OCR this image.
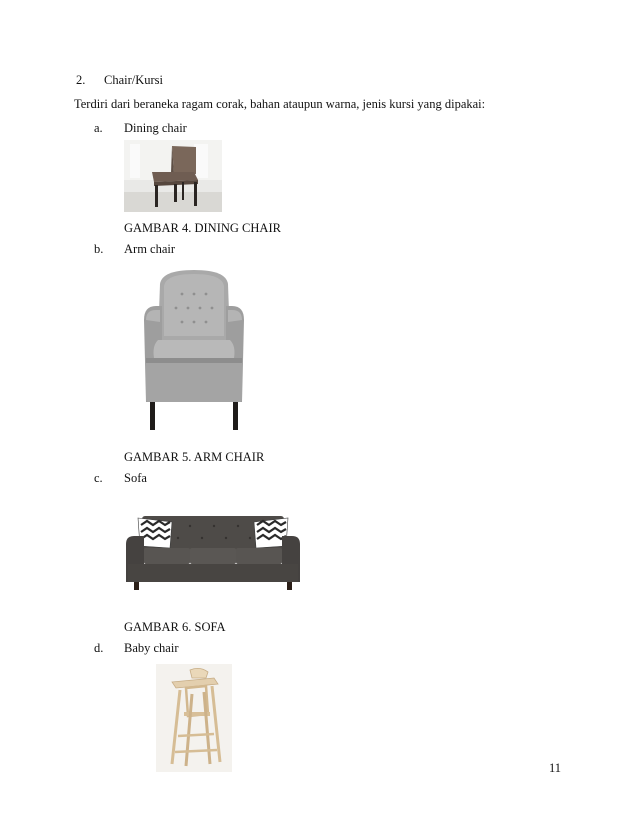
2. Chair/Kursi
Terdiri dari beraneka ragam corak, bahan ataupun warna, jenis kursi yang dipakai:
a. Dining chair
GAMBAR 4. DINING CHAIR
b. Arm chair
GAMBAR 5. ARM CHAIR
c. Sofa
GAMBAR 6. SOFA
d. Baby chair
11
